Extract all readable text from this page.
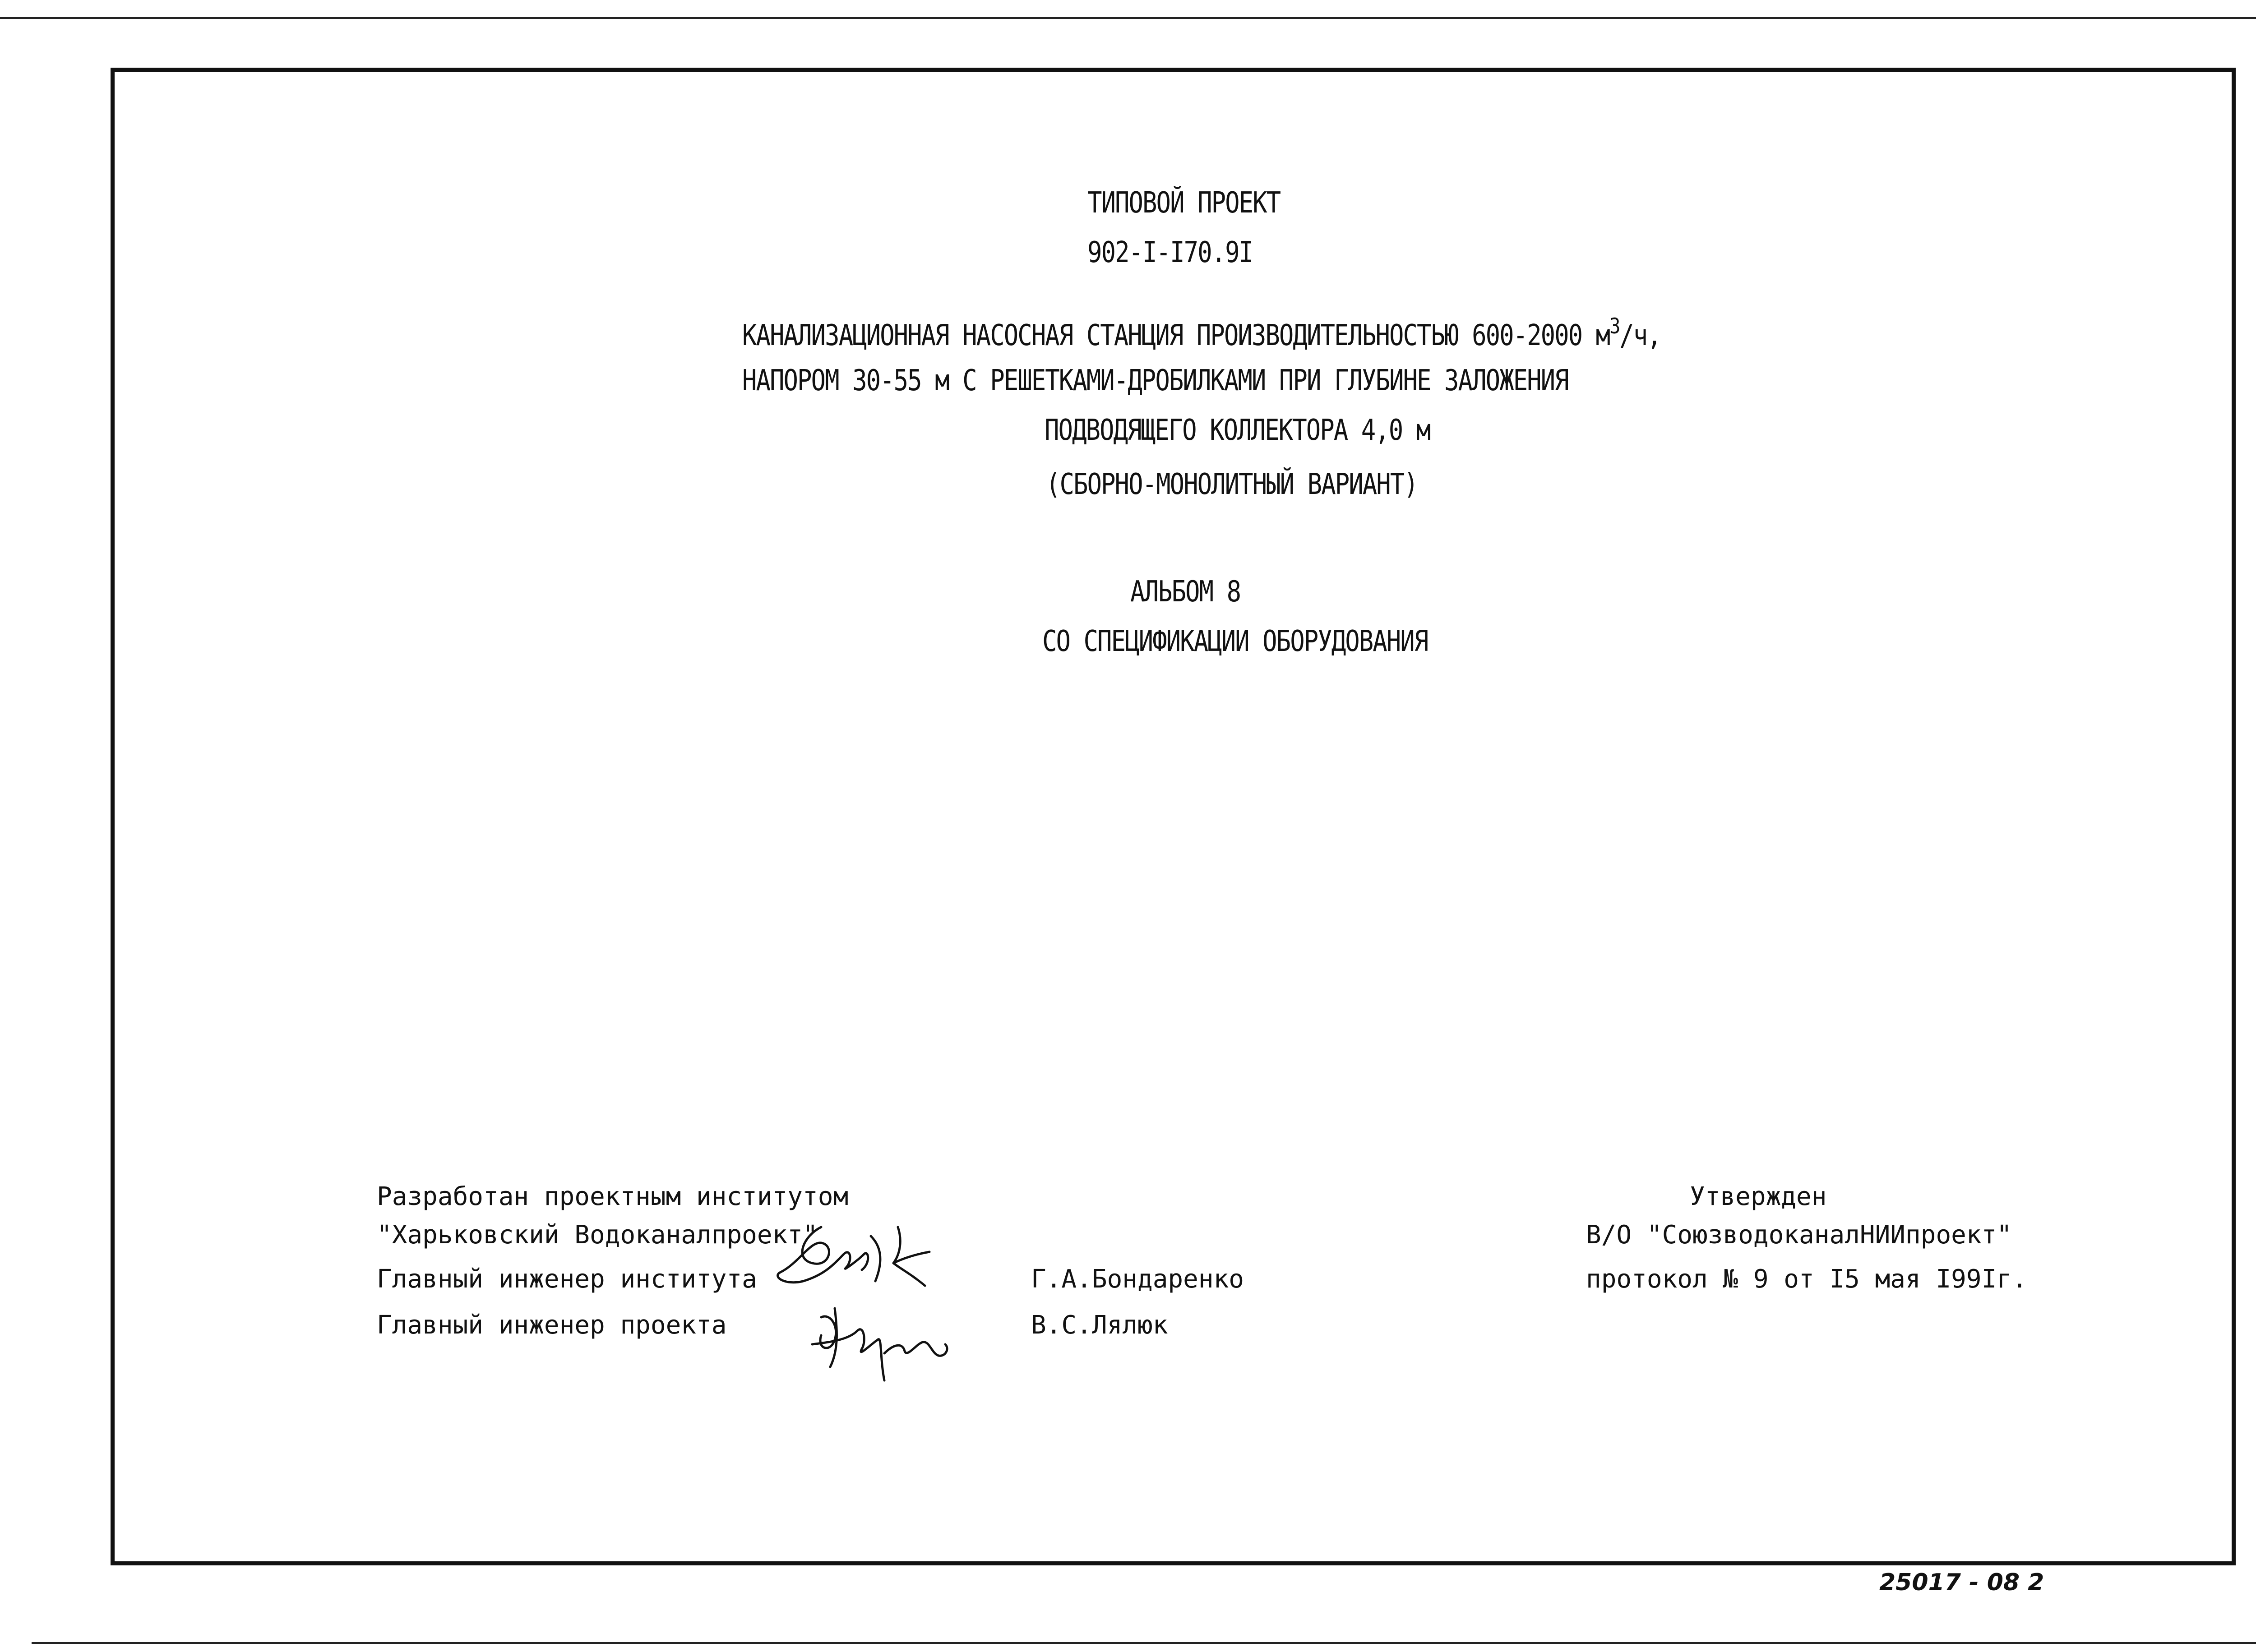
ТИПОВОЙ ПРОЕКТ
902-I-I70.9I
КАНАЛИЗАЦИОННАЯ НАСОСНАЯ СТАНЦИЯ ПРОИЗВОДИТЕЛЬНОСТЬЮ 600-2000 $м^3/ч$,
НАПОРОМ 30-55 м С РЕШЕТКАМИ-ДРОБИЛКАМИ ПРИ ГЛУБИНЕ ЗАЛОЖЕНИЯ
ПОДВОДЯЩЕГО КОЛЛЕКТОРА 4,0 м
(СБОРНО-МОНОЛИТНЫЙ ВАРИАНТ)
АЛЬБОМ 8
СО СПЕЦИФИКАЦИИ ОБОРУДОВАНИЯ
Разработан проектным институтом
"Харьковский Водоканалпроект"
Главный инженер института	Г.А.Бондаренко
Главный инженер проекта	В.С.Лялюк
Утвержден
В/О "СоюзводоканалНИИпроект"
протокол № 9 от I5 мая I99Iг.
25017 - 08 2
